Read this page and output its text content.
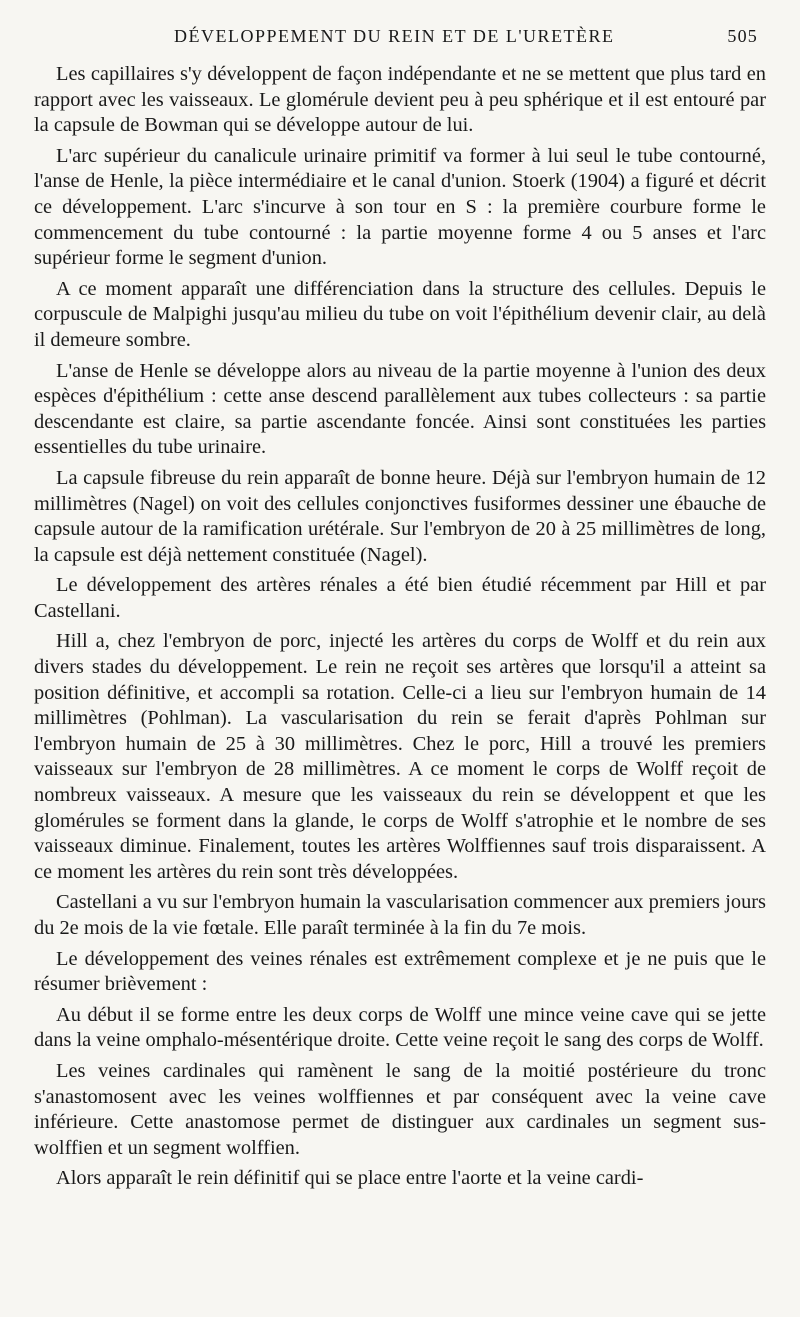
DÉVELOPPEMENT DU REIN ET DE L'URETÈRE	505

Les capillaires s'y développent de façon indépendante et ne se mettent que plus tard en rapport avec les vaisseaux. Le glomérule devient peu à peu sphérique et il est entouré par la capsule de Bowman qui se développe autour de lui.

L'arc supérieur du canalicule urinaire primitif va former à lui seul le tube contourné, l'anse de Henle, la pièce intermédiaire et le canal d'union. Stoerk (1904) a figuré et décrit ce développement. L'arc s'incurve à son tour en S : la première courbure forme le commencement du tube contourné : la partie moyenne forme 4 ou 5 anses et l'arc supérieur forme le segment d'union.

A ce moment apparaît une différenciation dans la structure des cellules. Depuis le corpuscule de Malpighi jusqu'au milieu du tube on voit l'épithélium devenir clair, au delà il demeure sombre.

L'anse de Henle se développe alors au niveau de la partie moyenne à l'union des deux espèces d'épithélium : cette anse descend parallèlement aux tubes collecteurs : sa partie descendante est claire, sa partie ascendante foncée. Ainsi sont constituées les parties essentielles du tube urinaire.

La capsule fibreuse du rein apparaît de bonne heure. Déjà sur l'embryon humain de 12 millimètres (Nagel) on voit des cellules conjonctives fusiformes dessiner une ébauche de capsule autour de la ramification urétérale. Sur l'embryon de 20 à 25 millimètres de long, la capsule est déjà nettement constituée (Nagel).

Le développement des artères rénales a été bien étudié récemment par Hill et par Castellani.

Hill a, chez l'embryon de porc, injecté les artères du corps de Wolff et du rein aux divers stades du développement. Le rein ne reçoit ses artères que lorsqu'il a atteint sa position définitive, et accompli sa rotation. Celle-ci a lieu sur l'embryon humain de 14 millimètres (Pohlman). La vascularisation du rein se ferait d'après Pohlman sur l'embryon humain de 25 à 30 millimètres. Chez le porc, Hill a trouvé les premiers vaisseaux sur l'embryon de 28 millimètres. A ce moment le corps de Wolff reçoit de nombreux vaisseaux. A mesure que les vaisseaux du rein se développent et que les glomérules se forment dans la glande, le corps de Wolff s'atrophie et le nombre de ses vaisseaux diminue. Finalement, toutes les artères Wolffiennes sauf trois disparaissent. A ce moment les artères du rein sont très développées.

Castellani a vu sur l'embryon humain la vascularisation commencer aux premiers jours du 2e mois de la vie fœtale. Elle paraît terminée à la fin du 7e mois.

Le développement des veines rénales est extrêmement complexe et je ne puis que le résumer brièvement :

Au début il se forme entre les deux corps de Wolff une mince veine cave qui se jette dans la veine omphalo-mésentérique droite. Cette veine reçoit le sang des corps de Wolff.

Les veines cardinales qui ramènent le sang de la moitié postérieure du tronc s'anastomosent avec les veines wolffiennes et par conséquent avec la veine cave inférieure. Cette anastomose permet de distinguer aux cardinales un segment sus-wolffien et un segment wolffien.

Alors apparaît le rein définitif qui se place entre l'aorte et la veine cardi-
